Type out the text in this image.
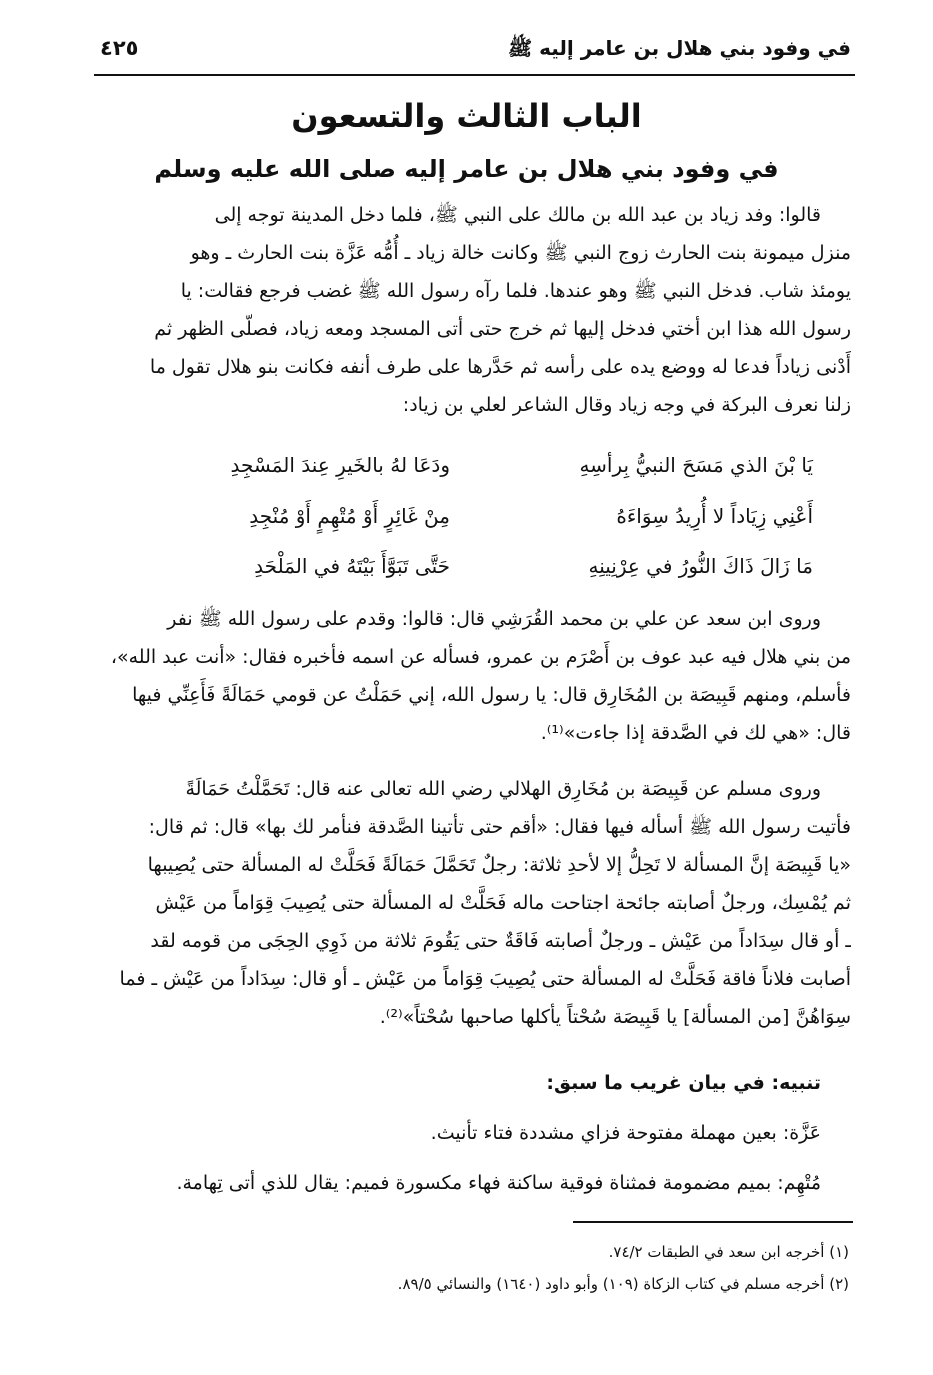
في وفود بني هلال بن عامر إليه ﷺ
٤٢٥
الباب الثالث والتسعون
في وفود بني هلال بن عامر إليه صلى الله عليه وسلم
قالوا: وفد زياد بن عبد الله بن مالك على النبي ﷺ، فلما دخل المدينة توجه إلى
منزل ميمونة بنت الحارث زوج النبي ﷺ وكانت خالة زياد ـ أُمُّه عَزَّة بنت الحارث ـ وهو
يومئذ شاب. فدخل النبي ﷺ وهو عندها. فلما رآه رسول الله ﷺ غضب فرجع فقالت: يا
رسول الله هذا ابن أختي فدخل إليها ثم خرج حتى أتى المسجد ومعه زياد، فصلّى الظهر ثم
أَدْنى زياداً فدعا له ووضع يده على رأسه ثم حَدَّرها على طرف أنفه فكانت بنو هلال تقول ما
زلنا نعرف البركة في وجه زياد وقال الشاعر لعلي بن زياد:
يَا بْنَ الذي مَسَحَ النبيُّ بِرأسِهِ
ودَعَا لهُ بالخَيرِ عِندَ المَسْجِدِ
أَعْنِي زِيَاداً لا أُرِيدُ سِوَاءَهُ
مِنْ غَائِرٍ أَوْ مُتْهِمٍ أَوْ مُنْجِدِ
مَا زَالَ ذَاكَ النُّورُ في عِرْنِينِهِ
حَتَّى تَبَوَّأَ بَيْتَهُ في المَلْحَدِ
وروى ابن سعد عن علي بن محمد القُرَشِي قال: قالوا: وقدم على رسول الله ﷺ نفر
من بني هلال فيه عبد عوف بن أَصْرَم بن عمرو، فسأله عن اسمه فأخبره فقال: «أنت عبد الله»،
فأسلم، ومنهم قَبِيصَة بن المُخَارِق قال: يا رسول الله، إني حَمَلْتُ عن قومي حَمَالَةً فَأَعِنِّي فيها
قال: «هي لك في الصَّدقة إذا جاءت»⁽¹⁾.
وروى مسلم عن قَبِيصَة بن مُخَارِق الهلالي رضي الله تعالى عنه قال: تَحَمَّلْتُ حَمَالَةً
فأتيت رسول الله ﷺ أسأله فيها فقال: «أقم حتى تأتينا الصَّدقة فنأمر لك بها» قال: ثم قال:
«يا قَبِيصَة إنَّ المسألة لا تَحِلُّ إلا لأحدِ ثلاثة: رجلٌ تَحَمَّلَ حَمَالَةً فَحَلَّتْ له المسألة حتى يُصِيبها
ثم يُمْسِك، ورجلٌ أصابته جائحة اجتاحت ماله فَحَلَّتْ له المسألة حتى يُصِيبَ قِوَاماً من عَيْش
ـ أو قال سِدَاداً من عَيْش ـ ورجلٌ أصابته فَاقَةٌ حتى يَقُومَ ثلاثة من ذَوِي الحِجَى من قومه لقد
أصابت فلاناً فاقة فَحَلَّتْ له المسألة حتى يُصِيبَ قِوَاماً من عَيْش ـ أو قال: سِدَاداً من عَيْش ـ فما
سِوَاهُنَّ [من المسألة] يا قَبِيصَة سُحْتاً يأكلها صاحبها سُحْتاً»⁽²⁾.
تنبيه: في بيان غريب ما سبق:
عَزَّة: بعين مهملة مفتوحة فزاي مشددة فتاء تأنيث.
مُتْهِم: بميم مضمومة فمثناة فوقية ساكنة فهاء مكسورة فميم: يقال للذي أتى تِهامة.
(١) أخرجه ابن سعد في الطبقات ٧٤/٢.
(٢) أخرجه مسلم في كتاب الزكاة (١٠٩) وأبو داود (١٦٤٠) والنسائي ٨٩/٥.
